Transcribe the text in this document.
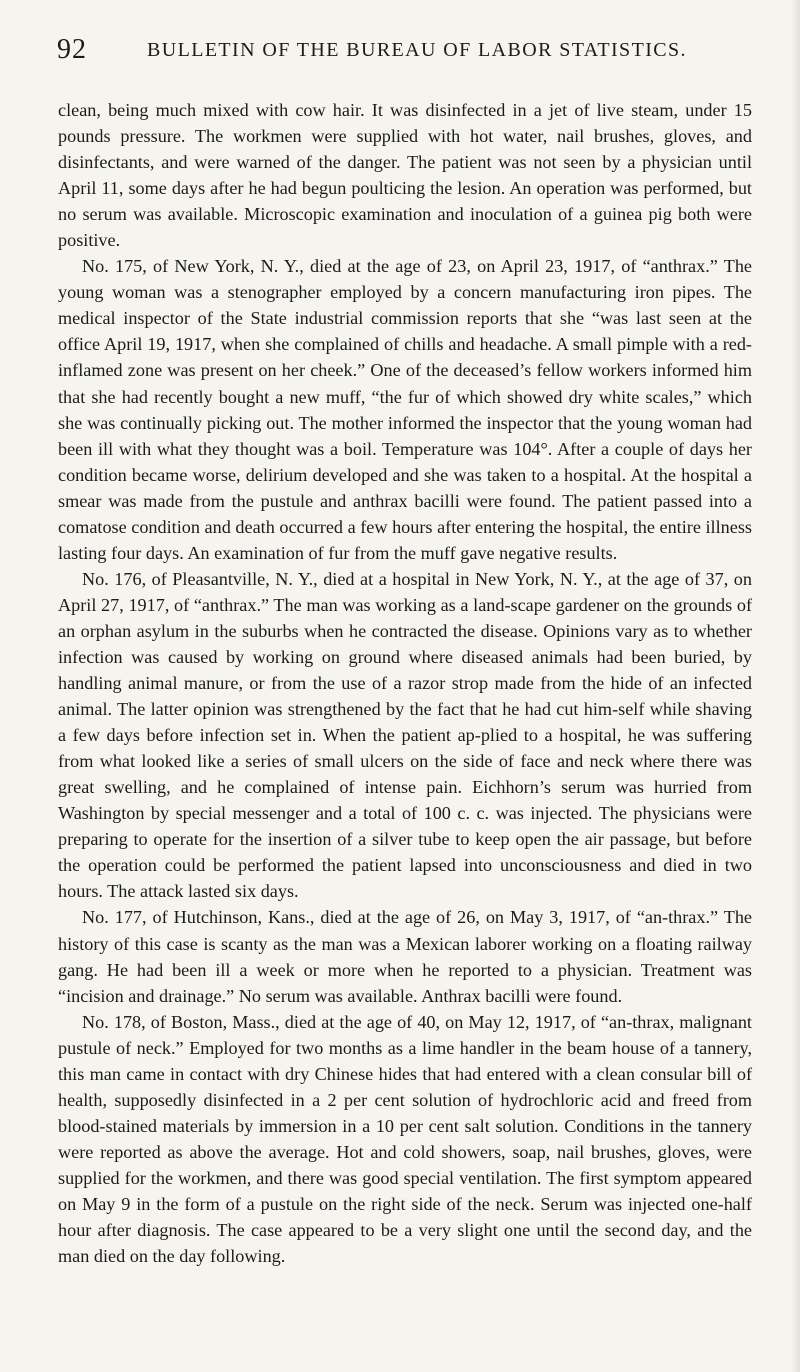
92	BULLETIN OF THE BUREAU OF LABOR STATISTICS.

clean, being much mixed with cow hair. It was disinfected in a jet of live steam, under 15 pounds pressure. The workmen were supplied with hot water, nail brushes, gloves, and disinfectants, and were warned of the danger. The patient was not seen by a physician until April 11, some days after he had begun poulticing the lesion. An operation was performed, but no serum was available. Microscopic examination and inoculation of a guinea pig both were positive.

No. 175, of New York, N. Y., died at the age of 23, on April 23, 1917, of “anthrax.” The young woman was a stenographer employed by a concern manufacturing iron pipes. The medical inspector of the State industrial commission reports that she “was last seen at the office April 19, 1917, when she complained of chills and headache. A small pimple with a red-inflamed zone was present on her cheek.” One of the deceased’s fellow workers informed him that she had recently bought a new muff, “the fur of which showed dry white scales,” which she was continually picking out. The mother informed the inspector that the young woman had been ill with what they thought was a boil. Temperature was 104°. After a couple of days her condition became worse, delirium developed and she was taken to a hospital. At the hospital a smear was made from the pustule and anthrax bacilli were found. The patient passed into a comatose condition and death occurred a few hours after entering the hospital, the entire illness lasting four days. An examination of fur from the muff gave negative results.

No. 176, of Pleasantville, N. Y., died at a hospital in New York, N. Y., at the age of 37, on April 27, 1917, of “anthrax.” The man was working as a land-scape gardener on the grounds of an orphan asylum in the suburbs when he contracted the disease. Opinions vary as to whether infection was caused by working on ground where diseased animals had been buried, by handling animal manure, or from the use of a razor strop made from the hide of an infected animal. The latter opinion was strengthened by the fact that he had cut him-self while shaving a few days before infection set in. When the patient ap-plied to a hospital, he was suffering from what looked like a series of small ulcers on the side of face and neck where there was great swelling, and he complained of intense pain. Eichhorn’s serum was hurried from Washington by special messenger and a total of 100 c. c. was injected. The physicians were preparing to operate for the insertion of a silver tube to keep open the air passage, but before the operation could be performed the patient lapsed into unconsciousness and died in two hours. The attack lasted six days.

No. 177, of Hutchinson, Kans., died at the age of 26, on May 3, 1917, of “an-thrax.” The history of this case is scanty as the man was a Mexican laborer working on a floating railway gang. He had been ill a week or more when he reported to a physician. Treatment was “incision and drainage.” No serum was available. Anthrax bacilli were found.

No. 178, of Boston, Mass., died at the age of 40, on May 12, 1917, of “an-thrax, malignant pustule of neck.” Employed for two months as a lime handler in the beam house of a tannery, this man came in contact with dry Chinese hides that had entered with a clean consular bill of health, supposedly disinfected in a 2 per cent solution of hydrochloric acid and freed from blood-stained materials by immersion in a 10 per cent salt solution. Conditions in the tannery were reported as above the average. Hot and cold showers, soap, nail brushes, gloves, were supplied for the workmen, and there was good special ventilation. The first symptom appeared on May 9 in the form of a pustule on the right side of the neck. Serum was injected one-half hour after diagnosis. The case appeared to be a very slight one until the second day, and the man died on the day following.
